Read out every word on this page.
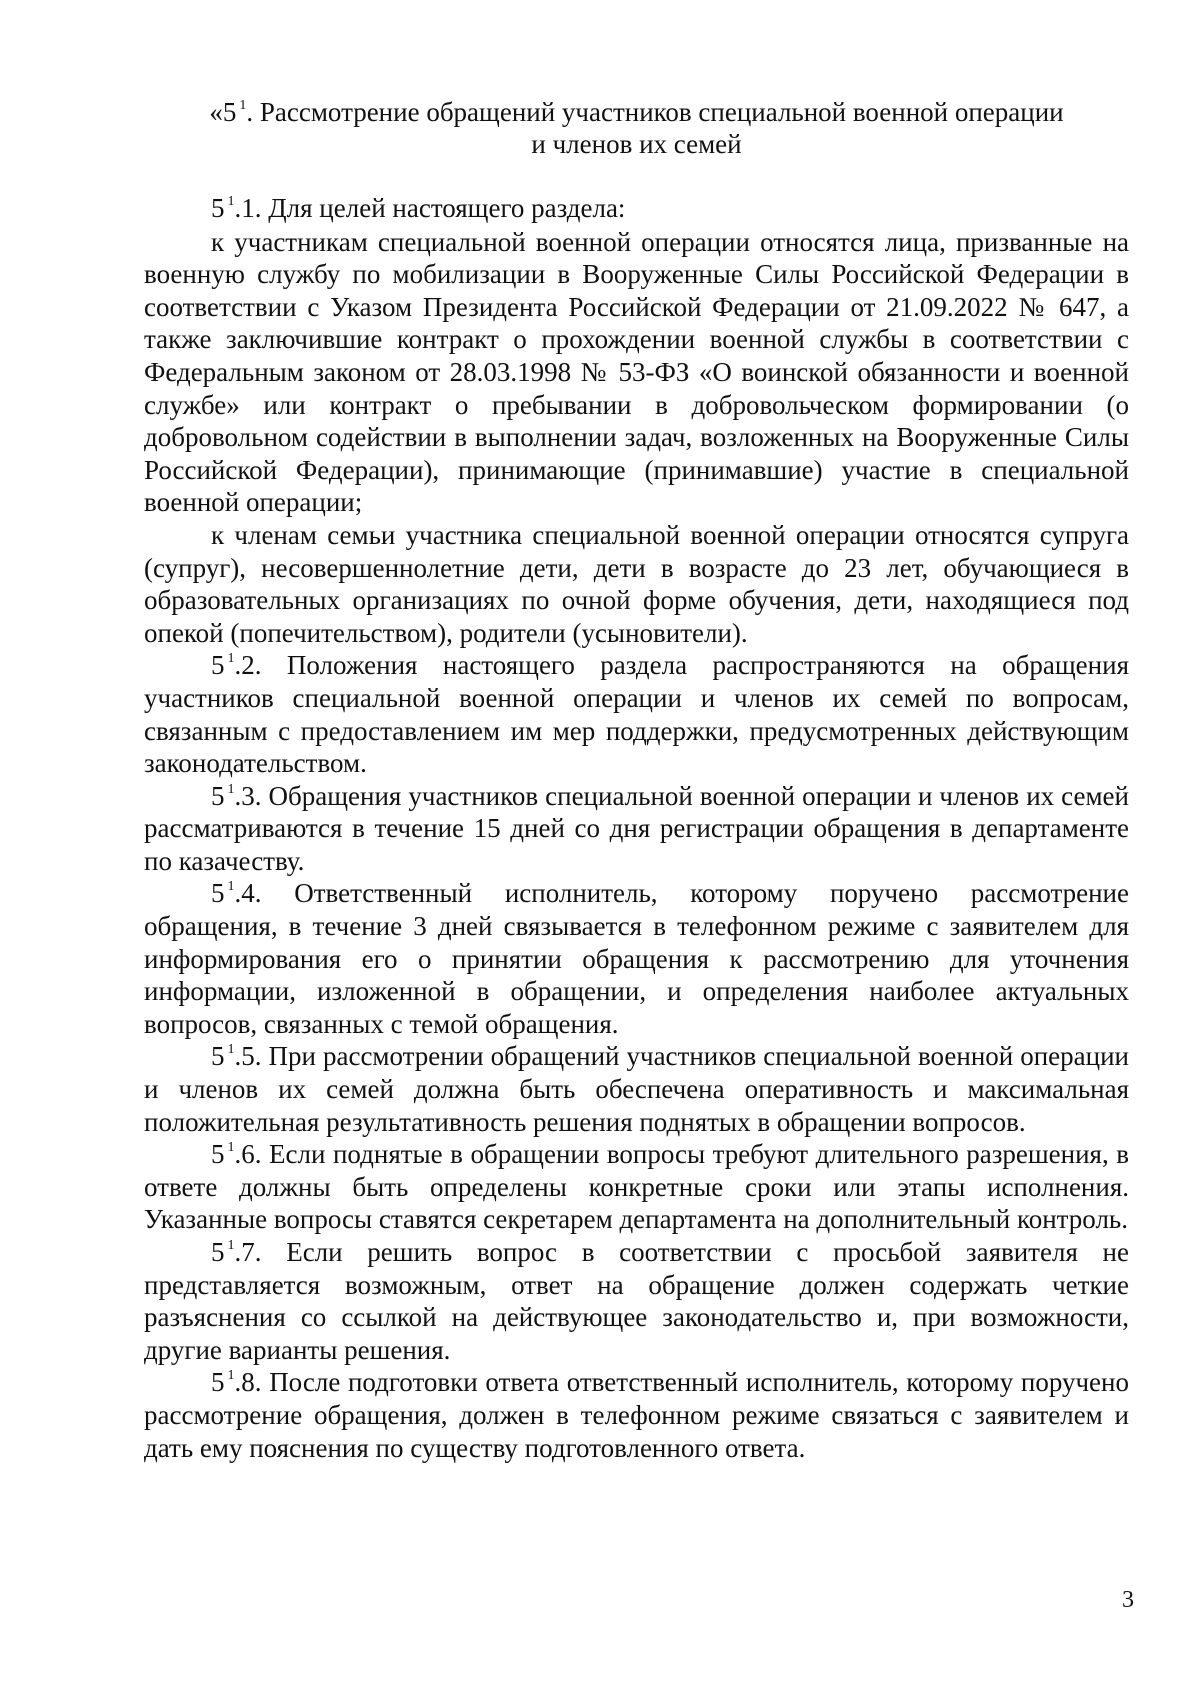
«5 $^1$. Рассмотрение обращений участников специальной военной операции
и членов их семей

5 $^1$.1. Для целей настоящего раздела:

к участникам специальной военной операции относятся лица, призванные на военную службу по мобилизации в Вооруженные Силы Российской Федерации в соответствии с Указом Президента Российской Федерации от 21.09.2022 № 647, а также заключившие контракт о прохождении военной службы в соответствии с Федеральным законом от 28.03.1998 № 53-ФЗ «О воинской обязанности и военной службе» или контракт о пребывании в добровольческом формировании (о добровольном содействии в выполнении задач, возложенных на Вооруженные Силы Российской Федерации), принимающие (принимавшие) участие в специальной военной операции;

к членам семьи участника специальной военной операции относятся супруга (супруг), несовершеннолетние дети, дети в возрасте до 23 лет, обучающиеся в образовательных организациях по очной форме обучения, дети, находящиеся под опекой (попечительством), родители (усыновители).

5 $^1$.2. Положения настоящего раздела распространяются на обращения участников специальной военной операции и членов их семей по вопросам, связанным с предоставлением им мер поддержки, предусмотренных действующим законодательством.

5 $^1$.3. Обращения участников специальной военной операции и членов их семей рассматриваются в течение 15 дней со дня регистрации обращения в департаменте по казачеству.

5 $^1$.4. Ответственный исполнитель, которому поручено рассмотрение обращения, в течение 3 дней связывается в телефонном режиме с заявителем для информирования его о принятии обращения к рассмотрению для уточнения информации, изложенной в обращении, и определения наиболее актуальных вопросов, связанных с темой обращения.

5 $^1$.5. При рассмотрении обращений участников специальной военной операции и членов их семей должна быть обеспечена оперативность и максимальная положительная результативность решения поднятых в обращении вопросов.

5 $^1$.6. Если поднятые в обращении вопросы требуют длительного разрешения, в ответе должны быть определены конкретные сроки или этапы исполнения. Указанные вопросы ставятся секретарем департамента на дополнительный контроль.

5 $^1$.7. Если решить вопрос в соответствии с просьбой заявителя не представляется возможным, ответ на обращение должен содержать четкие разъяснения со ссылкой на действующее законодательство и, при возможности, другие варианты решения.

5 $^1$.8. После подготовки ответа ответственный исполнитель, которому поручено рассмотрение обращения, должен в телефонном режиме связаться с заявителем и дать ему пояснения по существу подготовленного ответа.

3
